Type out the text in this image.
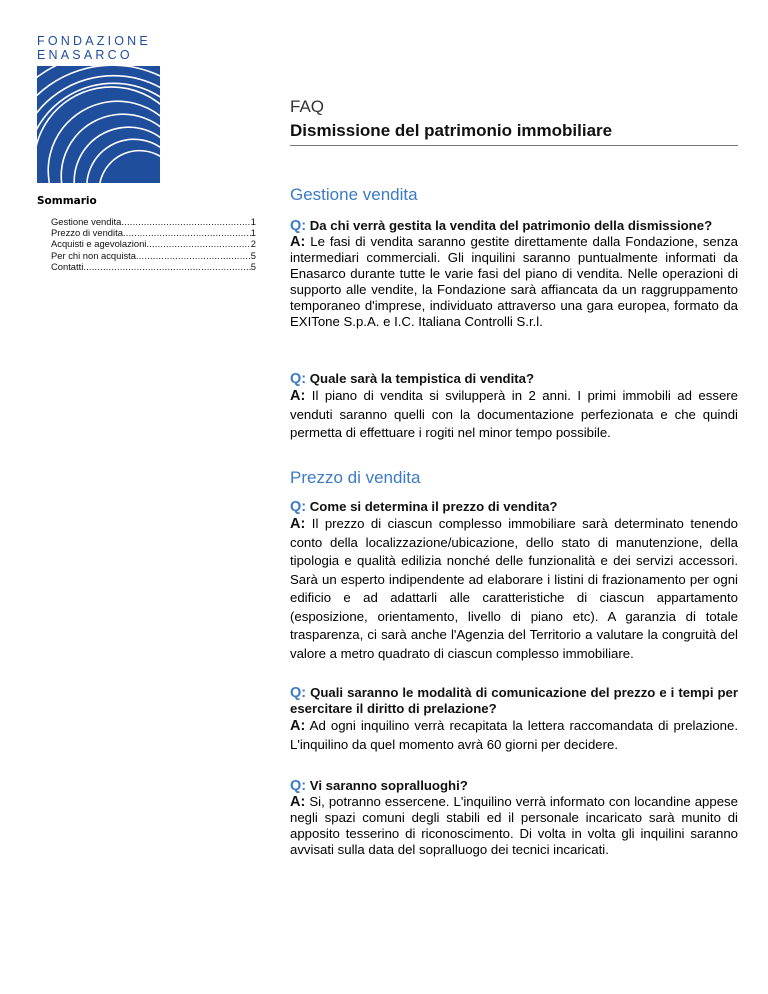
FONDAZIONE
ENASARCO
FAQ
Dismissione del patrimonio immobiliare
Sommario
Gestione vendita .....	1
Prezzo di vendita .....	1
Acquisti e agevolazioni .....	2
Per chi non acquista .....	5
Contatti .....	5
Gestione vendita
Q: Da chi verrà gestita la vendita del patrimonio della dismissione?
A: Le fasi di vendita saranno gestite direttamente dalla Fondazione, senza intermediari commerciali. Gli inquilini saranno puntualmente informati da Enasarco durante tutte le varie fasi del piano di vendita. Nelle operazioni di supporto alle vendite, la Fondazione sarà affiancata da un raggruppamento temporaneo d'imprese, individuato attraverso una gara europea, formato da EXITone S.p.A. e I.C. Italiana Controlli S.r.l.
Q: Quale sarà la tempistica di vendita?
A: Il piano di vendita si svilupperà in 2 anni. I primi immobili ad essere venduti saranno quelli con la documentazione perfezionata e che quindi permetta di effettuare i rogiti nel minor tempo possibile.
Prezzo di vendita
Q: Come si determina il prezzo di vendita?
A: Il prezzo di ciascun complesso immobiliare sarà determinato tenendo conto della localizzazione/ubicazione, dello stato di manutenzione, della tipologia e qualità edilizia nonché delle funzionalità e dei servizi accessori. Sarà un esperto indipendente ad elaborare i listini di frazionamento per ogni edificio e ad adattarli alle caratteristiche di ciascun appartamento (esposizione, orientamento, livello di piano etc). A garanzia di totale trasparenza, ci sarà anche l'Agenzia del Territorio a valutare la congruità del valore a metro quadrato di ciascun complesso immobiliare.
Q: Quali saranno le modalità di comunicazione del prezzo e i tempi per esercitare il diritto di prelazione?
A: Ad ogni inquilino verrà recapitata la lettera raccomandata di prelazione. L'inquilino da quel momento avrà 60 giorni per decidere.
Q: Vi saranno sopralluoghi?
A: Si, potranno essercene. L'inquilino verrà informato con locandine appese negli spazi comuni degli stabili ed il personale incaricato sarà munito di apposito tesserino di riconoscimento. Di volta in volta gli inquilini saranno avvisati sulla data del sopralluogo dei tecnici incaricati.
